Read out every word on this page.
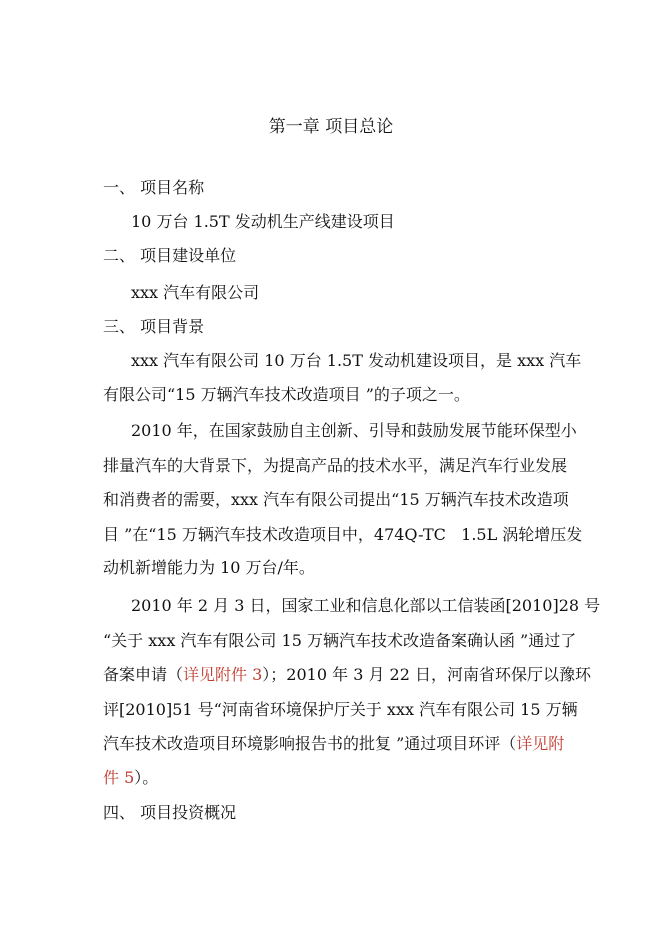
第一章 项目总论
一、 项目名称
10 万台 1.5T 发动机生产线建设项目
二、 项目建设单位
xxx 汽车有限公司
三、 项目背景
xxx 汽车有限公司 10 万台 1.5T 发动机建设项目，是 xxx 汽车
有限公司“15 万辆汽车技术改造项目 ”的子项之一。
2010 年，在国家鼓励自主创新、引导和鼓励发展节能环保型小
排量汽车的大背景下，为提高产品的技术水平，满足汽车行业发展
和消费者的需要，xxx 汽车有限公司提出“15 万辆汽车技术改造项
目 ”在“15 万辆汽车技术改造项目中，474Q-TC   1.5L 涡轮增压发
动机新增能力为 10 万台/年。
2010 年 2 月 3 日，国家工业和信息化部以工信装函[2010]28 号
“关于 xxx 汽车有限公司 15 万辆汽车技术改造备案确认函 ”通过了
备案申请（详见附件 3）；2010 年 3 月 22 日，河南省环保厅以豫环
评[2010]51 号“河南省环境保护厅关于 xxx 汽车有限公司 15 万辆
汽车技术改造项目环境影响报告书的批复 ”通过项目环评（详见附
件 5）。
四、 项目投资概况
